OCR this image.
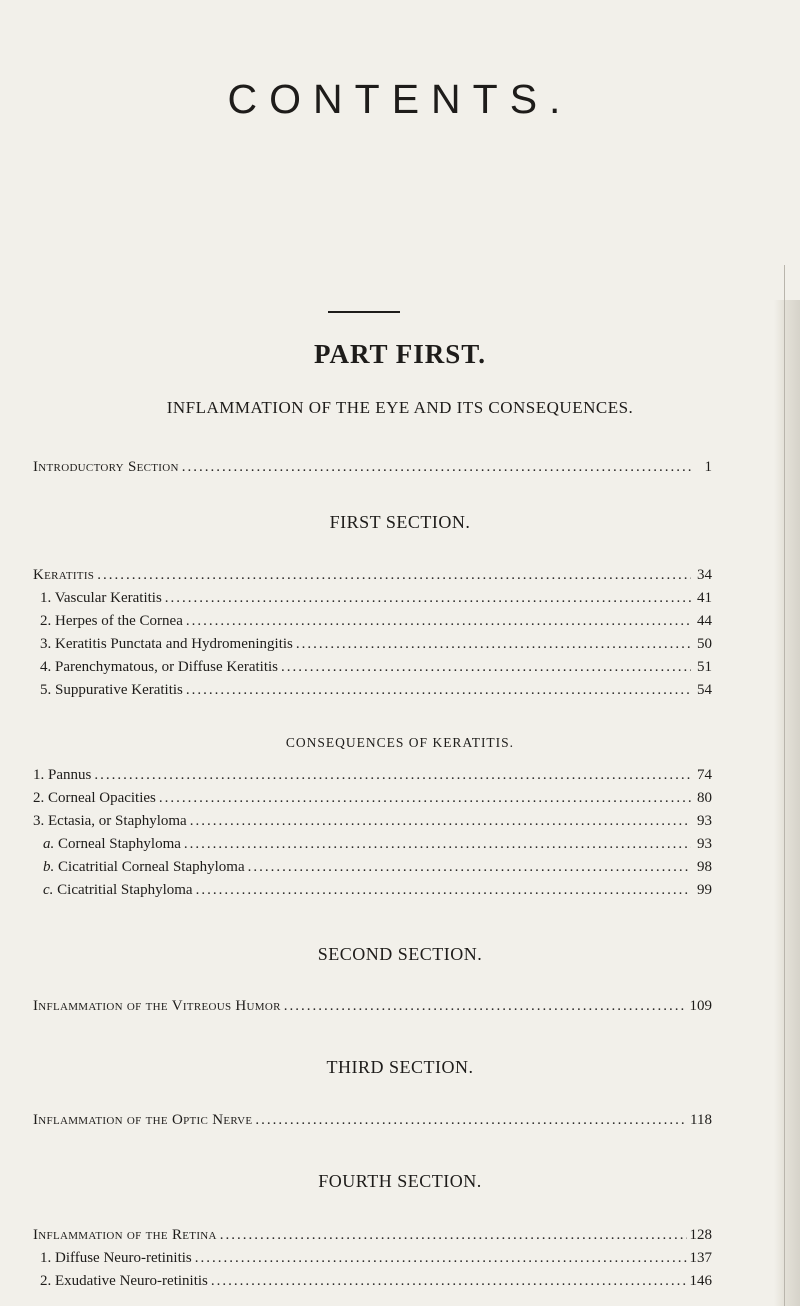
CONTENTS.
PART FIRST.
INFLAMMATION OF THE EYE AND ITS CONSEQUENCES.
Introductory Section .....	1
FIRST SECTION.
Keratitis .....	34
1. Vascular Keratitis .....	41
2. Herpes of the Cornea .....	44
3. Keratitis Punctata and Hydromeningitis .....	50
4. Parenchymatous, or Diffuse Keratitis .....	51
5. Suppurative Keratitis .....	54
CONSEQUENCES OF KERATITIS.
1. Pannus .....	74
2. Corneal Opacities .....	80
3. Ectasia, or Staphyloma .....	93
a. Corneal Staphyloma .....	93
b. Cicatritial Corneal Staphyloma .....	98
c. Cicatritial Staphyloma .....	99
SECOND SECTION.
Inflammation of the Vitreous Humor .....	109
THIRD SECTION.
Inflammation of the Optic Nerve .....	118
FOURTH SECTION.
Inflammation of the Retina .....	128
1. Diffuse Neuro-retinitis .....	137
2. Exudative Neuro-retinitis .....	146
